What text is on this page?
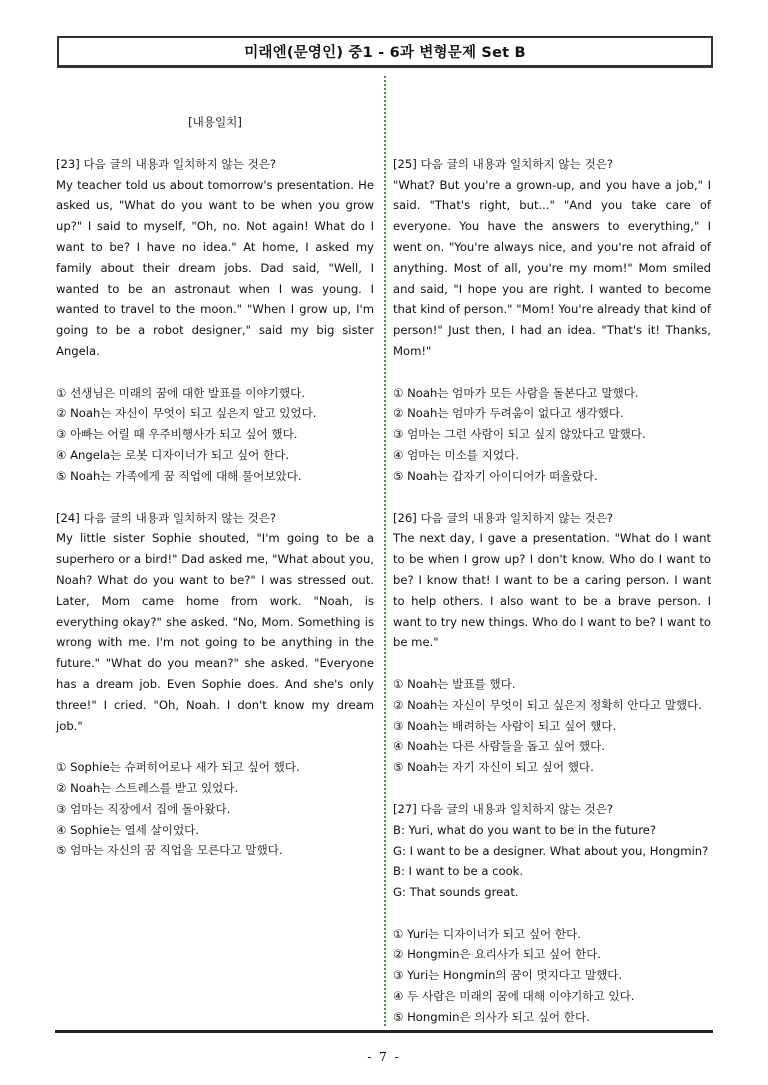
미래엔(문영인) 중1 - 6과 변형문제 Set B
[내용일치]
[23] 다음 글의 내용과 일치하지 않는 것은?
My teacher told us about tomorrow's presentation. He asked us, "What do you want to be when you grow up?" I said to myself, "Oh, no. Not again! What do I want to be? I have no idea." At home, I asked my family about their dream jobs. Dad said, "Well, I wanted to be an astronaut when I was young. I wanted to travel to the moon." "When I grow up, I'm going to be a robot designer," said my big sister Angela.
① 선생님은 미래의 꿈에 대한 발표를 이야기했다.
② Noah는 자신이 무엇이 되고 싶은지 알고 있었다.
③ 아빠는 어릴 때 우주비행사가 되고 싶어 했다.
④ Angela는 로봇 디자이너가 되고 싶어 한다.
⑤ Noah는 가족에게 꿈 직업에 대해 물어보았다.
[24] 다음 글의 내용과 일치하지 않는 것은?
My little sister Sophie shouted, "I'm going to be a superhero or a bird!" Dad asked me, "What about you, Noah? What do you want to be?" I was stressed out. Later, Mom came home from work. "Noah, is everything okay?" she asked. "No, Mom. Something is wrong with me. I'm not going to be anything in the future." "What do you mean?" she asked. "Everyone has a dream job. Even Sophie does. And she's only three!" I cried. "Oh, Noah. I don't know my dream job."
① Sophie는 슈퍼히어로나 새가 되고 싶어 했다.
② Noah는 스트레스를 받고 있었다.
③ 엄마는 직장에서 집에 돌아왔다.
④ Sophie는 열세 살이었다.
⑤ 엄마는 자신의 꿈 직업을 모른다고 말했다.
[25] 다음 글의 내용과 일치하지 않는 것은?
"What? But you're a grown-up, and you have a job," I said. "That's right, but..." "And you take care of everyone. You have the answers to everything," I went on. "You're always nice, and you're not afraid of anything. Most of all, you're my mom!" Mom smiled and said, "I hope you are right. I wanted to become that kind of person." "Mom! You're already that kind of person!" Just then, I had an idea. "That's it! Thanks, Mom!"
① Noah는 엄마가 모든 사람을 돌본다고 말했다.
② Noah는 엄마가 두려움이 없다고 생각했다.
③ 엄마는 그런 사람이 되고 싶지 않았다고 말했다.
④ 엄마는 미소를 지었다.
⑤ Noah는 갑자기 아이디어가 떠올랐다.
[26] 다음 글의 내용과 일치하지 않는 것은?
The next day, I gave a presentation. "What do I want to be when I grow up? I don't know. Who do I want to be? I know that! I want to be a caring person. I want to help others. I also want to be a brave person. I want to try new things. Who do I want to be? I want to be me."
① Noah는 발표를 했다.
② Noah는 자신이 무엇이 되고 싶은지 정확히 안다고 말했다.
③ Noah는 배려하는 사람이 되고 싶어 했다.
④ Noah는 다른 사람들을 돕고 싶어 했다.
⑤ Noah는 자기 자신이 되고 싶어 했다.
[27] 다음 글의 내용과 일치하지 않는 것은?
B: Yuri, what do you want to be in the future?
G: I want to be a designer. What about you, Hongmin?
B: I want to be a cook.
G: That sounds great.
① Yuri는 디자이너가 되고 싶어 한다.
② Hongmin은 요리사가 되고 싶어 한다.
③ Yuri는 Hongmin의 꿈이 멋지다고 말했다.
④ 두 사람은 미래의 꿈에 대해 이야기하고 있다.
⑤ Hongmin은 의사가 되고 싶어 한다.
- 7 -
